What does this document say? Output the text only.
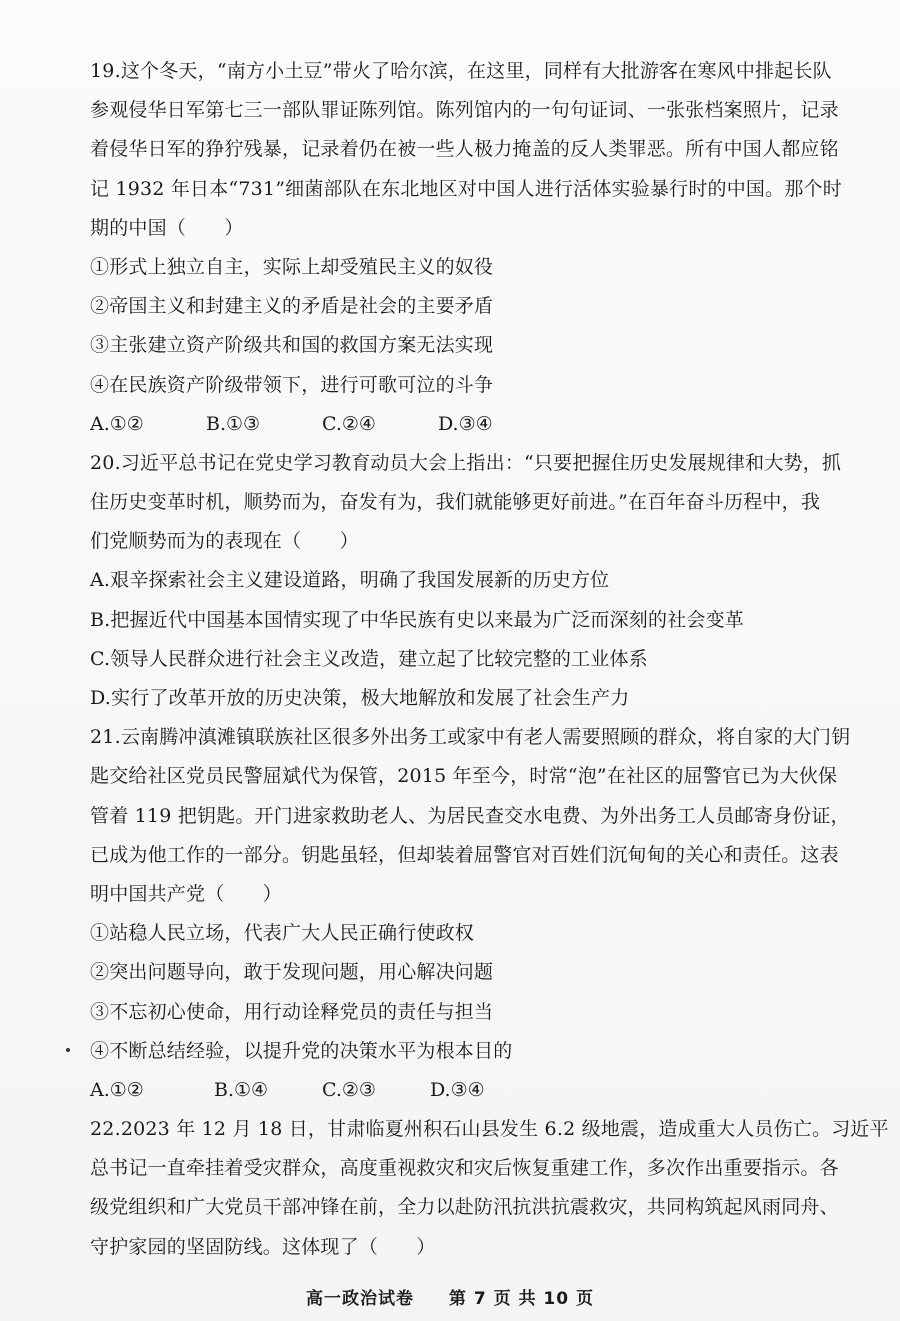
19.这个冬天，“南方小土豆”带火了哈尔滨，在这里，同样有大批游客在寒风中排起长队
参观侵华日军第七三一部队罪证陈列馆。陈列馆内的一句句证词、一张张档案照片，记录
着侵华日军的狰狞残暴，记录着仍在被一些人极力掩盖的反人类罪恶。所有中国人都应铭
记 1932 年日本“731”细菌部队在东北地区对中国人进行活体实验暴行时的中国。那个时
期的中国（　　）
①形式上独立自主，实际上却受殖民主义的奴役
②帝国主义和封建主义的矛盾是社会的主要矛盾
③主张建立资产阶级共和国的救国方案无法实现
④在民族资产阶级带领下，进行可歌可泣的斗争
A.①②	B.①③	C.②④	D.③④
20.习近平总书记在党史学习教育动员大会上指出：“只要把握住历史发展规律和大势，抓
住历史变革时机，顺势而为，奋发有为，我们就能够更好前进。”在百年奋斗历程中，我
们党顺势而为的表现在（　　）
A.艰辛探索社会主义建设道路，明确了我国发展新的历史方位
B.把握近代中国基本国情实现了中华民族有史以来最为广泛而深刻的社会变革
C.领导人民群众进行社会主义改造，建立起了比较完整的工业体系
D.实行了改革开放的历史决策，极大地解放和发展了社会生产力
21.云南腾冲滇滩镇联族社区很多外出务工或家中有老人需要照顾的群众，将自家的大门钥
匙交给社区党员民警屈斌代为保管，2015 年至今，时常“泡”在社区的屈警官已为大伙保
管着 119 把钥匙。开门进家救助老人、为居民查交水电费、为外出务工人员邮寄身份证，
已成为他工作的一部分。钥匙虽轻，但却装着屈警官对百姓们沉甸甸的关心和责任。这表
明中国共产党（　　）
①站稳人民立场，代表广大人民正确行使政权
②突出问题导向，敢于发现问题，用心解决问题
③不忘初心使命，用行动诠释党员的责任与担当
④不断总结经验，以提升党的决策水平为根本目的
A.①②	B.①④	C.②③	D.③④
22.2023 年 12 月 18 日，甘肃临夏州积石山县发生 6.2 级地震，造成重大人员伤亡。习近平
总书记一直牵挂着受灾群众，高度重视救灾和灾后恢复重建工作，多次作出重要指示。各
级党组织和广大党员干部冲锋在前，全力以赴防汛抗洪抗震救灾，共同构筑起风雨同舟、
守护家园的坚固防线。这体现了（　　）
高一政治试卷 第 7 页 共 10 页
